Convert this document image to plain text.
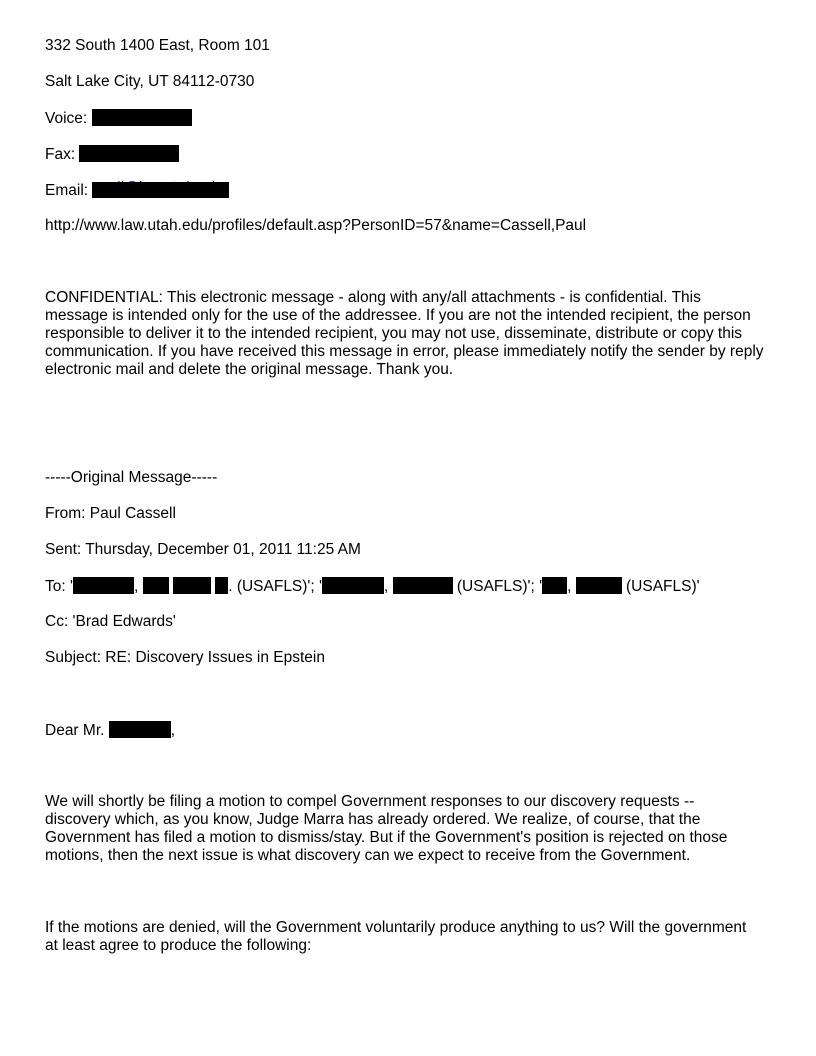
332 South 1400 East, Room 101
Salt Lake City, UT 84112-0730
Voice:
Fax:
Email:
http://www.law.utah.edu/profiles/default.asp?PersonID=57&name=Cassell,Paul
CONFIDENTIAL: This electronic message - along with any/all attachments - is confidential. This message is intended only for the use of the addressee. If you are not the intended recipient, the person responsible to deliver it to the intended recipient, you may not use, disseminate, distribute or copy this communication. If you have received this message in error, please immediately notify the sender by reply electronic mail and delete the original message. Thank you.
-----Original Message-----
From: Paul Cassell
Sent: Thursday, December 01, 2011 11:25 AM
To: '	,	. (USAFLS)'; '	,	(USAFLS)'; ' ,	(USAFLS)'
Cc: 'Brad Edwards'
Subject: RE: Discovery Issues in Epstein
Dear Mr.	,
We will shortly be filing a motion to compel Government responses to our discovery requests -- discovery which, as you know, Judge Marra has already ordered. We realize, of course, that the Government has filed a motion to dismiss/stay. But if the Government's position is rejected on those motions, then the next issue is what discovery can we expect to receive from the Government.
If the motions are denied, will the Government voluntarily produce anything to us? Will the government at least agree to produce the following:
